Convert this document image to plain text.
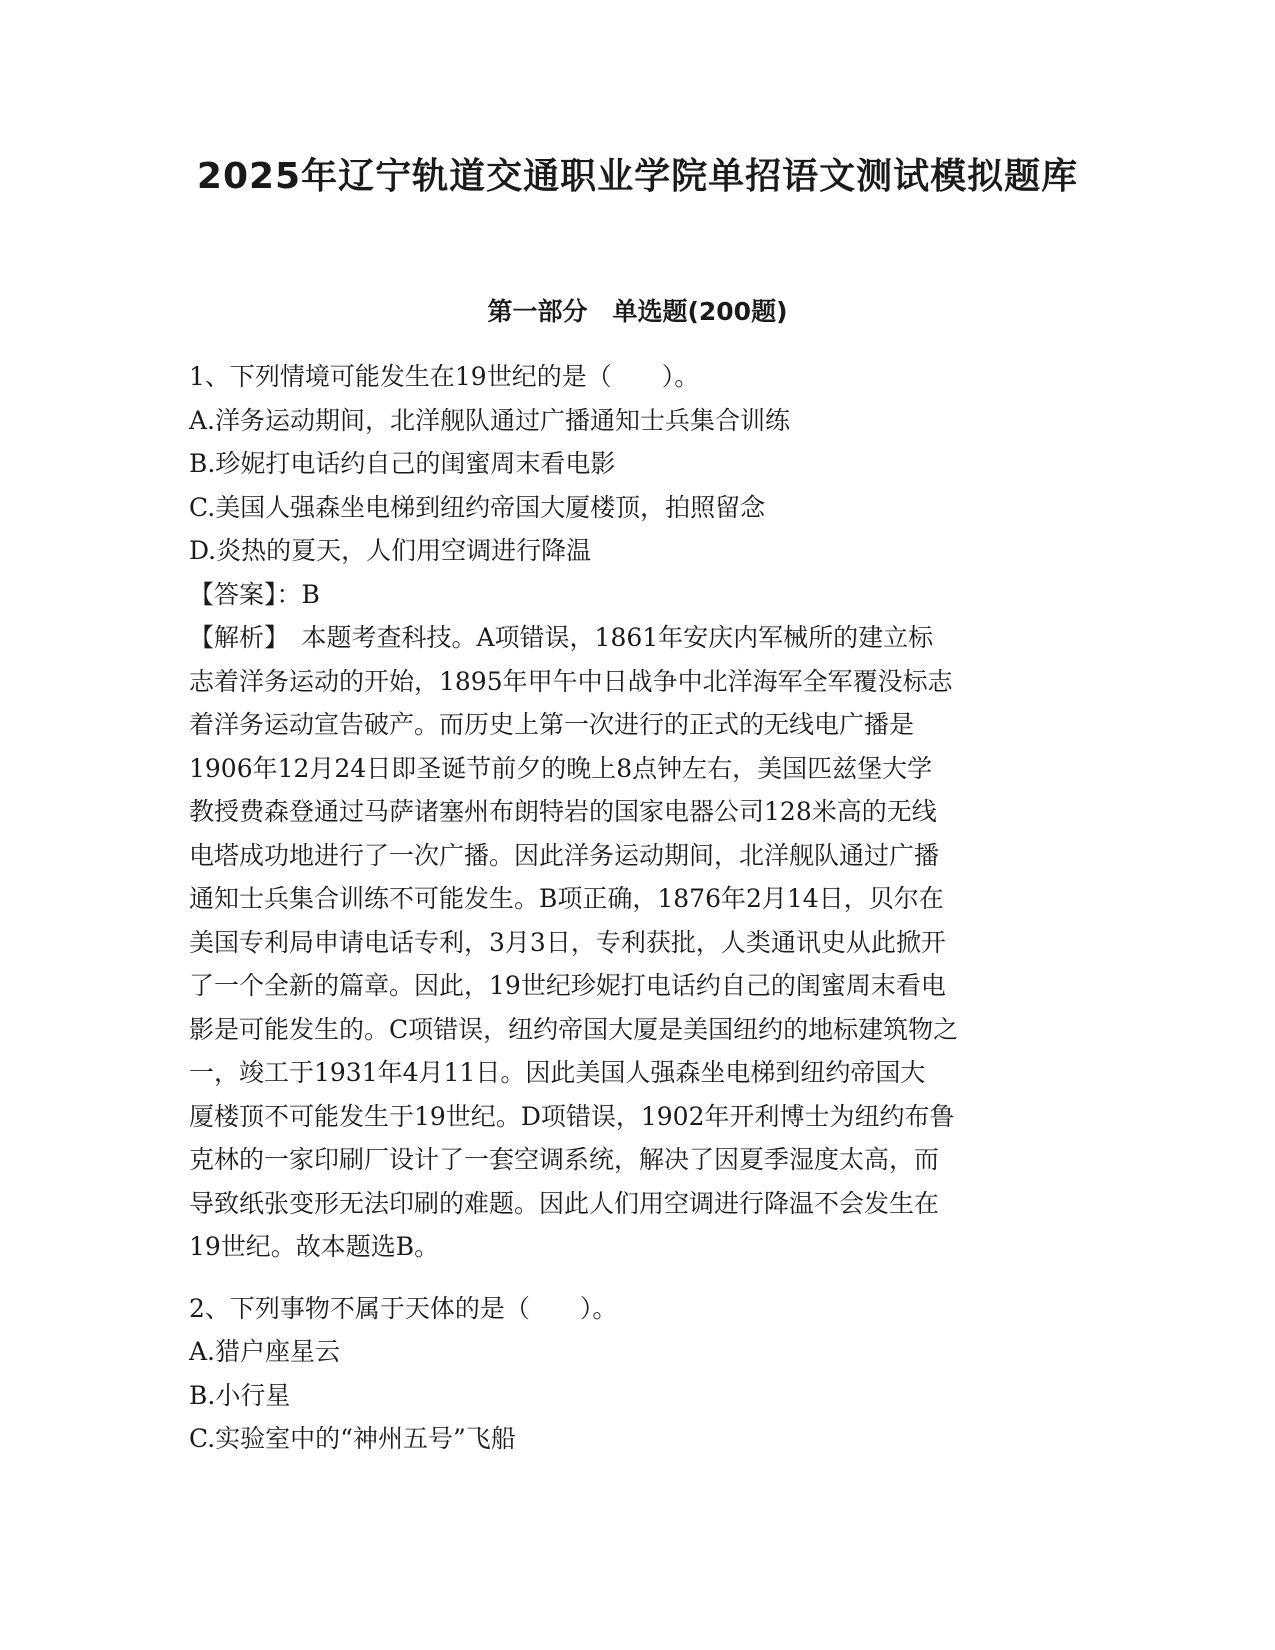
2025年辽宁轨道交通职业学院单招语文测试模拟题库
第一部分　单选题(200题)

1、下列情境可能发生在19世纪的是（　　）。

A.洋务运动期间，北洋舰队通过广播通知士兵集合训练

B.珍妮打电话约自己的闺蜜周末看电影

C.美国人强森坐电梯到纽约帝国大厦楼顶，拍照留念

D.炎热的夏天，人们用空调进行降温

【答案】：B

【解析】　本题考查科技。A项错误，1861年安庆内军械所的建立标

志着洋务运动的开始，1895年甲午中日战争中北洋海军全军覆没标志

着洋务运动宣告破产。而历史上第一次进行的正式的无线电广播是

1906年12月24日即圣诞节前夕的晚上8点钟左右，美国匹兹堡大学

教授费森登通过马萨诸塞州布朗特岩的国家电器公司128米高的无线

电塔成功地进行了一次广播。因此洋务运动期间，北洋舰队通过广播

通知士兵集合训练不可能发生。B项正确，1876年2月14日，贝尔在

美国专利局申请电话专利，3月3日，专利获批，人类通讯史从此掀开

了一个全新的篇章。因此，19世纪珍妮打电话约自己的闺蜜周末看电

影是可能发生的。C项错误，纽约帝国大厦是美国纽约的地标建筑物之

一，竣工于1931年4月11日。因此美国人强森坐电梯到纽约帝国大

厦楼顶不可能发生于19世纪。D项错误，1902年开利博士为纽约布鲁

克林的一家印刷厂设计了一套空调系统，解决了因夏季湿度太高，而

导致纸张变形无法印刷的难题。因此人们用空调进行降温不会发生在

19世纪。故本题选B。

2、下列事物不属于天体的是（　　）。

A.猎户座星云

B.小行星

C.实验室中的“神州五号”飞船
